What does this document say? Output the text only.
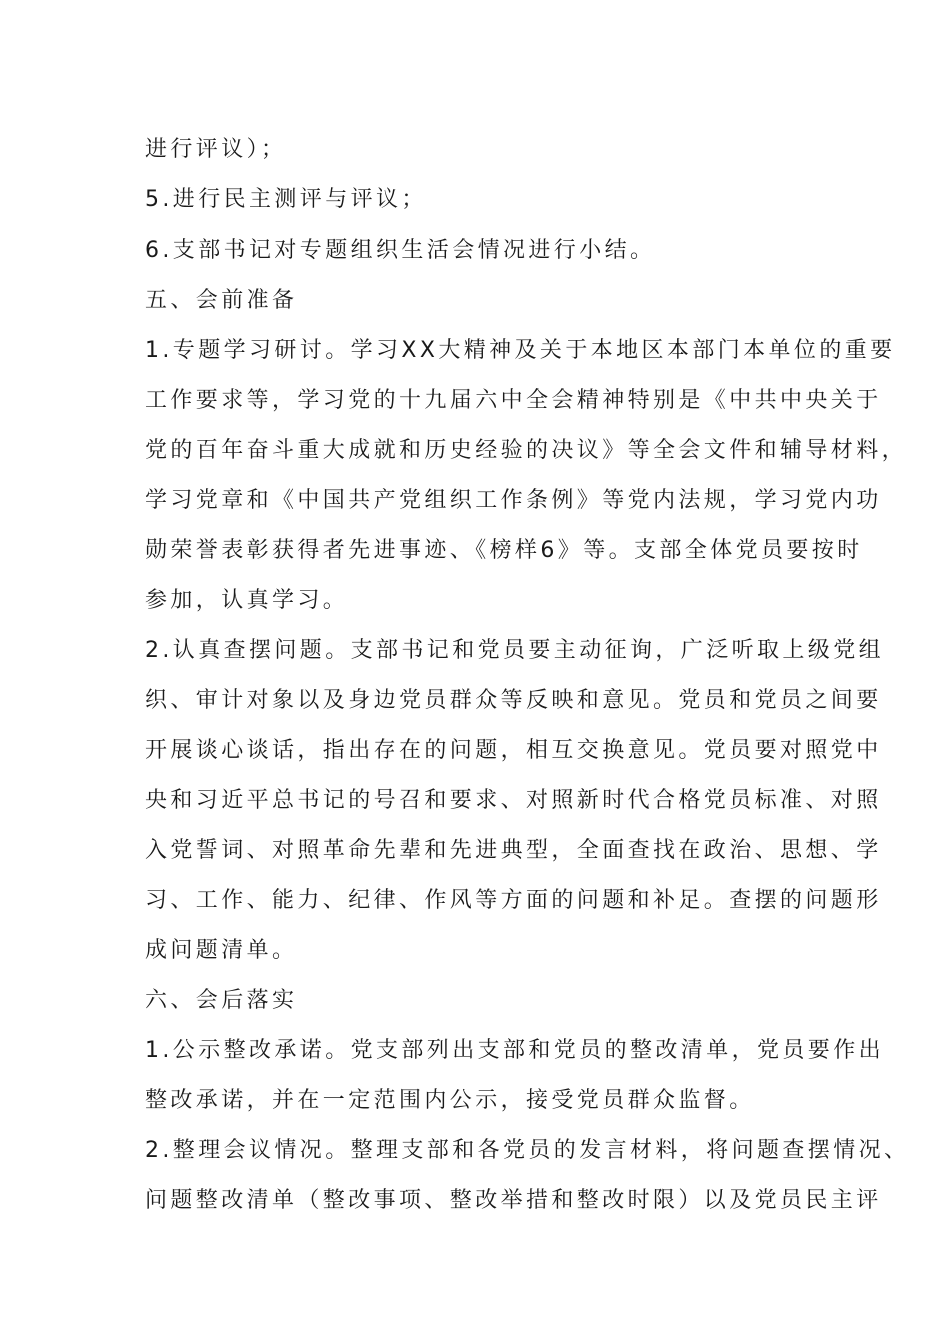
进行评议）；
5.进行民主测评与评议；
6.支部书记对专题组织生活会情况进行小结。
五、会前准备
1.专题学习研讨。学习XX大精神及关于本地区本部门本单位的重要
工作要求等，学习党的十九届六中全会精神特别是《中共中央关于
党的百年奋斗重大成就和历史经验的决议》等全会文件和辅导材料，
学习党章和《中国共产党组织工作条例》等党内法规，学习党内功
勋荣誉表彰获得者先进事迹、《榜样6》等。支部全体党员要按时
参加，认真学习。
2.认真查摆问题。支部书记和党员要主动征询，广泛听取上级党组
织、审计对象以及身边党员群众等反映和意见。党员和党员之间要
开展谈心谈话，指出存在的问题，相互交换意见。党员要对照党中
央和习近平总书记的号召和要求、对照新时代合格党员标准、对照
入党誓词、对照革命先辈和先进典型，全面查找在政治、思想、学
习、工作、能力、纪律、作风等方面的问题和补足。查摆的问题形
成问题清单。
六、会后落实
1.公示整改承诺。党支部列出支部和党员的整改清单，党员要作出
整改承诺，并在一定范围内公示，接受党员群众监督。
2.整理会议情况。整理支部和各党员的发言材料，将问题查摆情况、
问题整改清单（整改事项、整改举措和整改时限）以及党员民主评
